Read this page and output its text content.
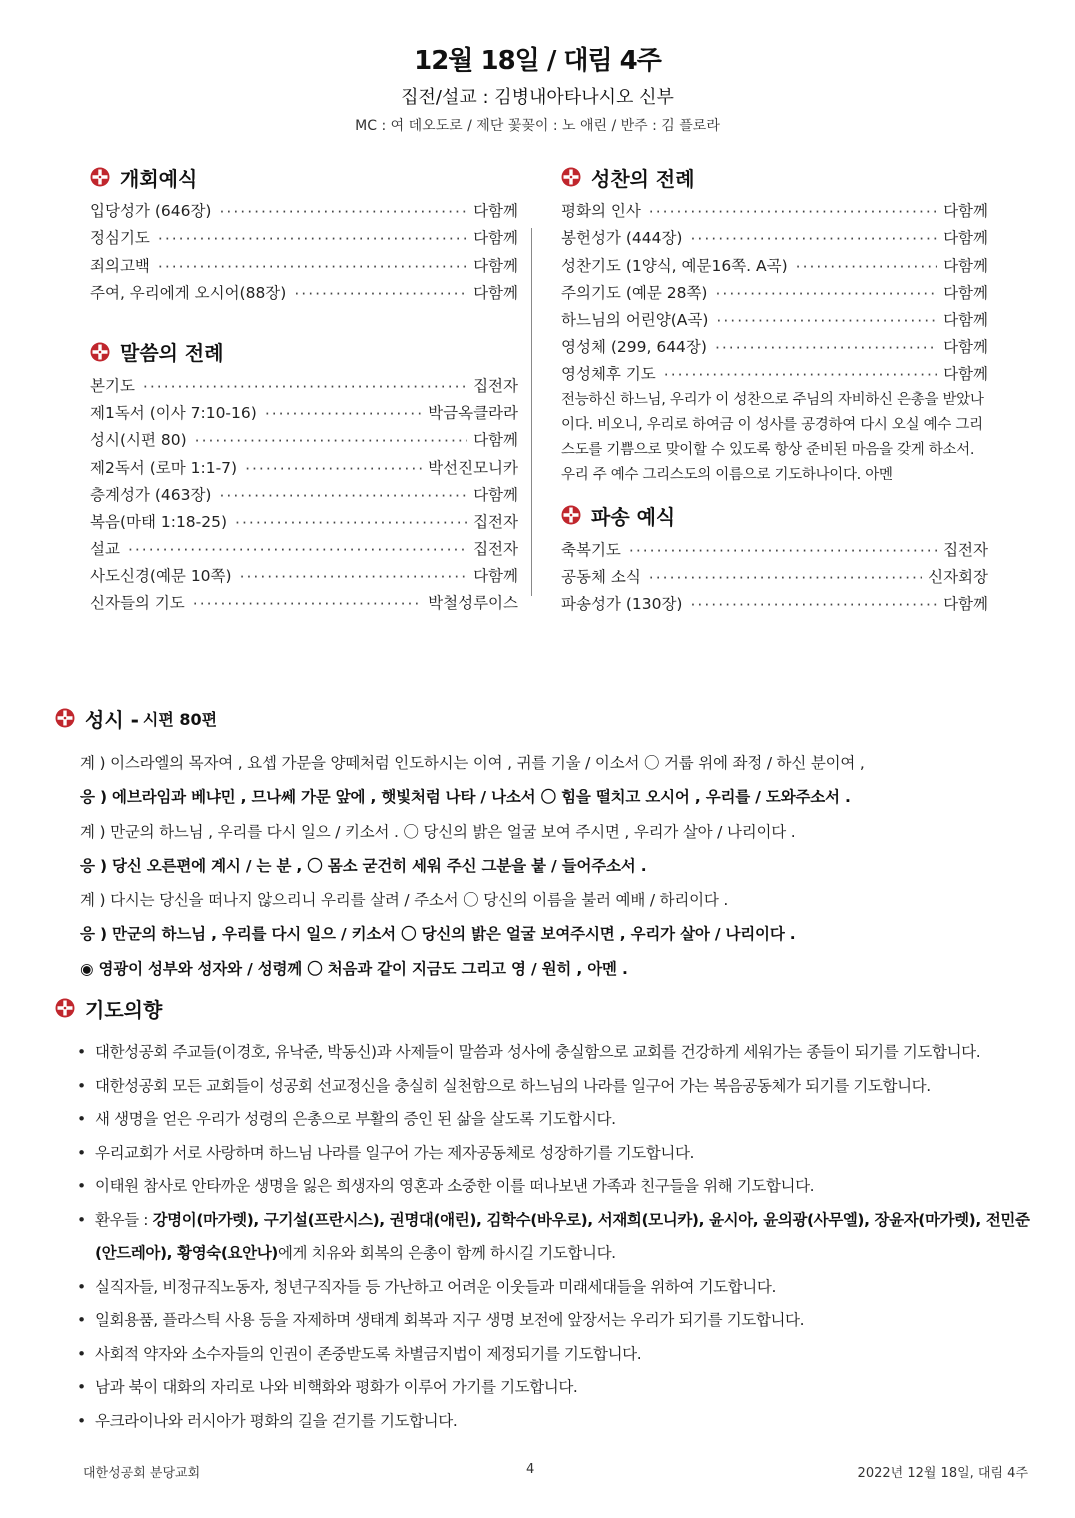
12월 18일 / 대림 4주
집전/설교 : 김병내아타나시오 신부
MC : 여 데오도로 / 제단 꽃꽂이 : 노 애린 / 반주 : 김 플로라
개회예식
입당성가 (646장) ·····	다함께
정심기도 ·····	다함께
죄의고백 ·····	다함께
주여, 우리에게 오시어(88장) ·····	다함께
말씀의 전례
본기도 ·····	집전자
제1독서 (이사 7:10-16) ·····	박금옥클라라
성시(시편 80) ·····	다함께
제2독서 (로마 1:1-7) ·····	박선진모니카
층계성가 (463장) ·····	다함께
복음(마태 1:18-25) ·····	집전자
설교 ·····	집전자
사도신경(예문 10쪽) ·····	다함께
신자들의 기도 ·····	박철성루이스
성찬의 전례
평화의 인사 ·····	다함께
봉헌성가 (444장) ·····	다함께
성찬기도 (1양식, 예문16쪽. A곡) ·····	다함께
주의기도 (예문 28쪽) ·····	다함께
하느님의 어린양(A곡) ·····	다함께
영성체 (299, 644장) ·····	다함께
영성체후 기도 ·····	다함께
전능하신 하느님, 우리가 이 성찬으로 주님의 자비하신 은총을 받았나이다. 비오니, 우리로 하여금 이 성사를 공경하여 다시 오실 예수 그리스도를 기쁨으로 맞이할 수 있도록 항상 준비된 마음을 갖게 하소서. 우리 주 예수 그리스도의 이름으로 기도하나이다. 아멘
파송 예식
축복기도 ·····	집전자
공동체 소식 ·····	신자회장
파송성가 (130장) ·····	다함께
성시 - 시편 80편
계 ) 이스라엘의 목자여 , 요셉 가문을 양떼처럼 인도하시는 이여 , 귀를 기울 / 이소서 〇 거룹 위에 좌정 / 하신 분이여 ,
응 ) 에브라임과 베냐민 , 므나쎄 가문 앞에 , 햇빛처럼 나타 / 나소서 〇 힘을 떨치고 오시어 , 우리를 / 도와주소서 .
계 ) 만군의 하느님 , 우리를 다시 일으 / 키소서 . 〇 당신의 밝은 얼굴 보여 주시면 , 우리가 살아 / 나리이다 .
응 ) 당신 오른편에 계시 / 는 분 , 〇 몸소 굳건히 세워 주신 그분을 붙 / 들어주소서 .
계 ) 다시는 당신을 떠나지 않으리니 우리를 살려 / 주소서 〇 당신의 이름을 불러 예배 / 하리이다 .
응 ) 만군의 하느님 , 우리를 다시 일으 / 키소서 〇 당신의 밝은 얼굴 보여주시면 , 우리가 살아 / 나리이다 .
◉ 영광이 성부와 성자와 / 성령께 〇 처음과 같이 지금도 그리고 영 / 원히 , 아멘 .
기도의향
• 대한성공회 주교들(이경호, 유낙준, 박동신)과 사제들이 말씀과 성사에 충실함으로 교회를 건강하게 세워가는 종들이 되기를 기도합니다.
• 대한성공회 모든 교회들이 성공회 선교정신을 충실히 실천함으로 하느님의 나라를 일구어 가는 복음공동체가 되기를 기도합니다.
• 새 생명을 얻은 우리가 성령의 은총으로 부활의 증인 된 삶을 살도록 기도합시다.
• 우리교회가 서로 사랑하며 하느님 나라를 일구어 가는 제자공동체로 성장하기를 기도합니다.
• 이태원 참사로 안타까운 생명을 잃은 희생자의 영혼과 소중한 이를 떠나보낸 가족과 친구들을 위해 기도합니다.
• 환우들 : 강명이(마가렛), 구기설(프란시스), 권명대(애린), 김학수(바우로), 서재희(모니카), 윤시아, 윤의광(사무엘), 장윤자(마가렛), 전민준(안드레아), 황영숙(요안나)에게 치유와 회복의 은총이 함께 하시길 기도합니다.
• 실직자들, 비정규직노동자, 청년구직자들 등 가난하고 어려운 이웃들과 미래세대들을 위하여 기도합니다.
• 일회용품, 플라스틱 사용 등을 자제하며 생태계 회복과 지구 생명 보전에 앞장서는 우리가 되기를 기도합니다.
• 사회적 약자와 소수자들의 인권이 존중받도록 차별금지법이 제정되기를 기도합니다.
• 남과 북이 대화의 자리로 나와 비핵화와 평화가 이루어 가기를 기도합니다.
• 우크라이나와 러시아가 평화의 길을 걷기를 기도합니다.
대한성공회 분당교회	4	2022년 12월 18일, 대림 4주
